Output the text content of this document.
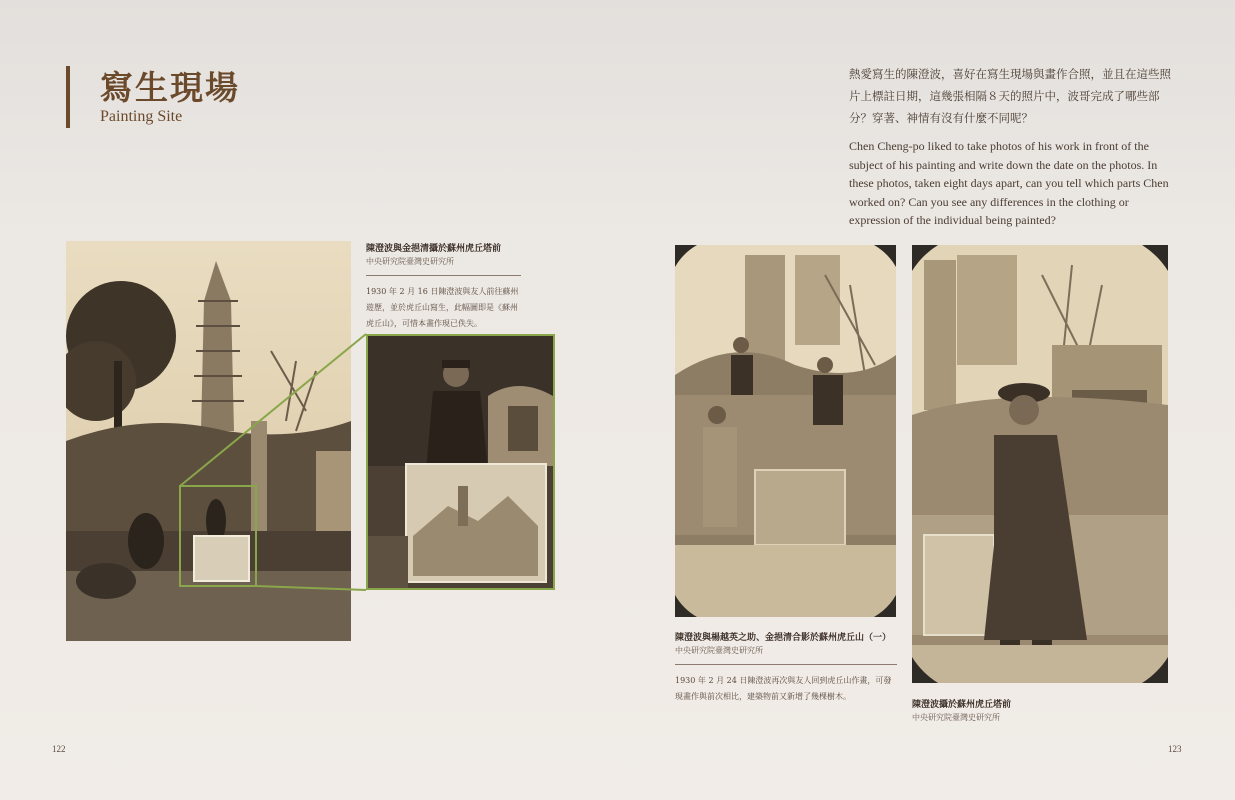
寫生現場

Painting Site

熱愛寫生的陳澄波，喜好在寫生現場與畫作合照，並且在這些照片上標註日期，這幾張相隔８天的照片中，波哥完成了哪些部分？穿著、神情有沒有什麼不同呢？

Chen Cheng-po liked to take photos of his work in front of the subject of his painting and write down the date on the photos. In these photos, taken eight days apart, can you tell which parts Chen worked on? Can you see any differences in the clothing or expression of the individual being painted?

陳澄波與金挹清攝於蘇州虎丘塔前

中央研究院臺灣史研究所

1930 年 2 月 16 日陳澄波與友人前往蘇州遊歷，並於虎丘山寫生，此幅圖即是《蘇州虎丘山》，可惜本畫作現已佚失。

陳澄波與楊越英之助、金挹清合影於蘇州虎丘山（一）

中央研究院臺灣史研究所

1930 年 2 月 24 日陳澄波再次與友人回到虎丘山作畫，可發現畫作與前次相比，建築物前又新增了幾棵樹木。

陳澄波攝於蘇州虎丘塔前

中央研究院臺灣史研究所

122	123
